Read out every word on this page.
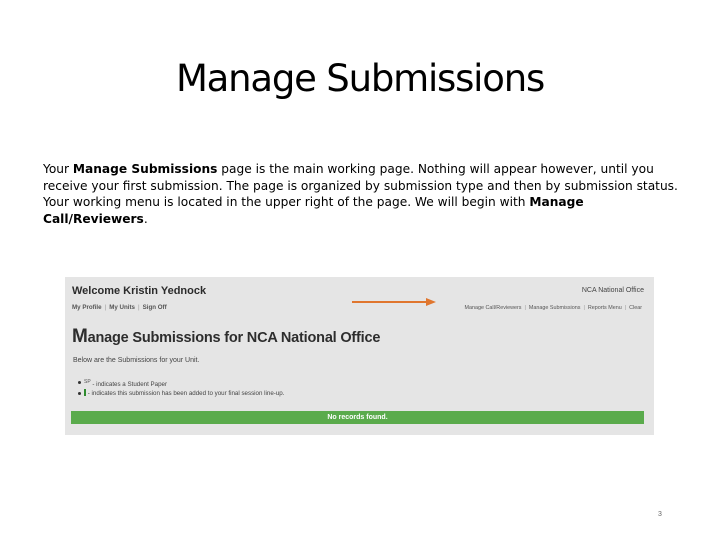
Manage Submissions
Your Manage Submissions page is the main working page. Nothing will appear however, until you receive your first submission. The page is organized by submission type and then by submission status. Your working menu is located in the upper right of the page. We will begin with Manage Call/Reviewers.
Welcome Kristin Yednock	NCA National Office
My Profile | My Units | Sign Off	Manage Call/Reviewers | Manage Submissions | Reports Menu | Clear
Manage Submissions for NCA National Office
Below are the Submissions for your Unit.
$^{SP}$ - indicates a Student Paper
- indicates this submission has been added to your final session line-up.
No records found.
3
